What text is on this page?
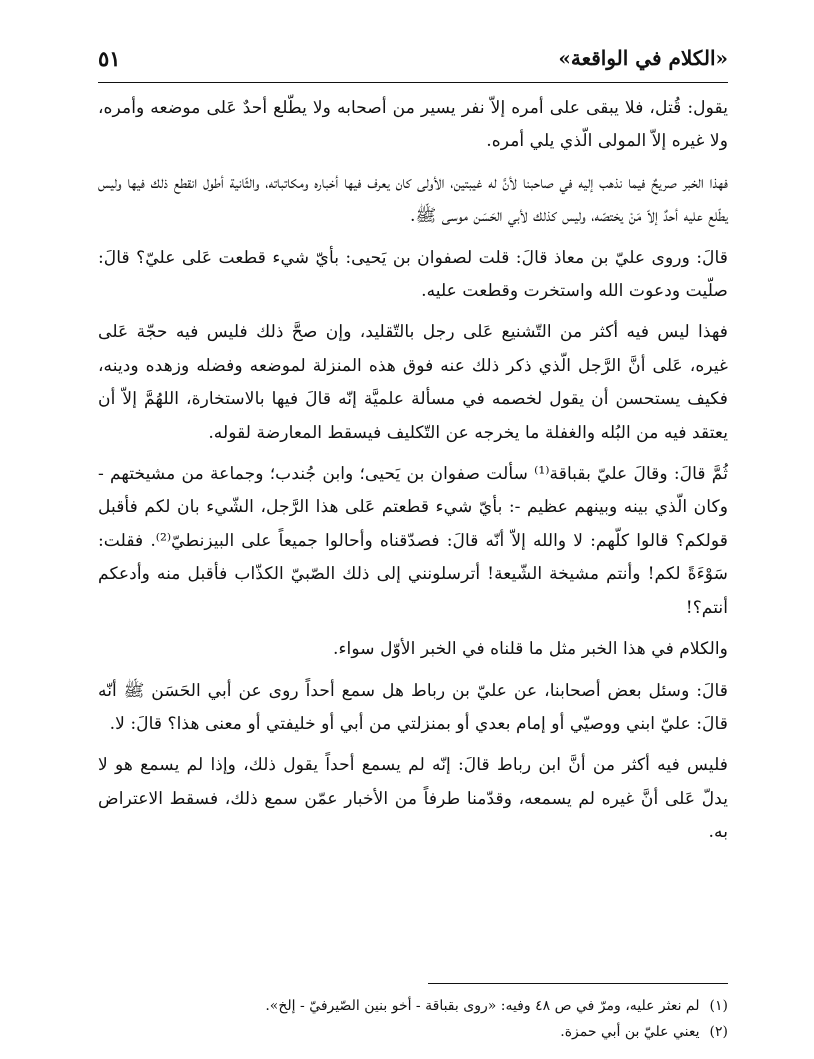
«الكلام في الواقعة»
٥١

يقول: قُتل، فلا يبقى على أمره إلاّ نفر يسير من أصحابه ولا يطّلع أحدٌ عَلى موضعه وأمره، ولا غيره إلاّ المولى الّذي يلي أمره.

فهذا الخبر صريحٌ فيما نذهب إليه في صاحبنا لأنَّ له غيبتين، الأولى كان يعرف فيها أخباره ومكاتباته، والثّانية أطول انقطع ذلك فيها وليس يطّلع عليه أحدٌ إلاّ مَنْ يختصّه، وليس كذلك لأبي الحَسَن موسى ﷺ.

قالَ: وروى عليّ بن معاذ قالَ: قلت لصفوان بن يَحيى: بأيّ شيء قطعت عَلى عليّ؟ قالَ: صلّيت ودعوت الله واستخرت وقطعت عليه.

فهذا ليس فيه أكثر من التّشنيع عَلى رجل بالتّقليد، وإن صحَّ ذلك فليس فيه حجّة عَلى غيره، عَلى أنَّ الرَّجل الّذي ذكر ذلك عنه فوق هذه المنزلة لموضعه وفضله وزهده ودينه، فكيف يستحسن أن يقول لخصمه في مسألة علميَّة إنّه قالَ فيها بالاستخارة، اللهُمَّ إلاّ أن يعتقد فيه من البُله والغفلة ما يخرجه عن التّكليف فيسقط المعارضة لقوله.

ثُمَّ قالَ: وقالَ عليّ بقباقة⁽¹⁾ سألت صفوان بن يَحيى؛ وابن جُندب؛ وجماعة من مشيختهم - وكان الّذي بينه وبينهم عظيم -: بأيّ شيء قطعتم عَلى هذا الرَّجل، الشّيء بان لكم فأقبل قولكم؟ قالوا كلّهم: لا والله إلاّ أنّه قالَ: فصدّقناه وأحالوا جميعاً على البيزنطيّ⁽²⁾. فقلت: سَوْءَةً لكم! وأنتم مشيخة الشّيعة! أترسلونني إلى ذلك الصّبيّ الكذّاب فأقبل منه وأدعكم أنتم؟!

والكلام في هذا الخبر مثل ما قلناه في الخبر الأوّل سواء.

قالَ: وسئل بعض أصحابنا، عن عليّ بن رباط هل سمع أحداً روى عن أبي الحَسَن ﷺ أنّه قالَ: عليّ ابني ووصيّي أو إمام بعدي أو بمنزلتي من أبي أو خليفتي أو معنى هذا؟ قالَ: لا.

فليس فيه أكثر من أنَّ ابن رباط قالَ: إنّه لم يسمع أحداً يقول ذلك، وإذا لم يسمع هو لا يدلّ عَلى أنَّ غيره لم يسمعه، وقدّمنا طرفاً من الأخبار عمّن سمع ذلك، فسقط الاعتراض به.

(١)
لم نعثر عليه، ومرّ في ص ٤٨ وفيه: «روى بقباقة - أخو بنين الصّيرفيّ - إلخ».

(٢)
يعني عليّ بن أبي حمزة.
